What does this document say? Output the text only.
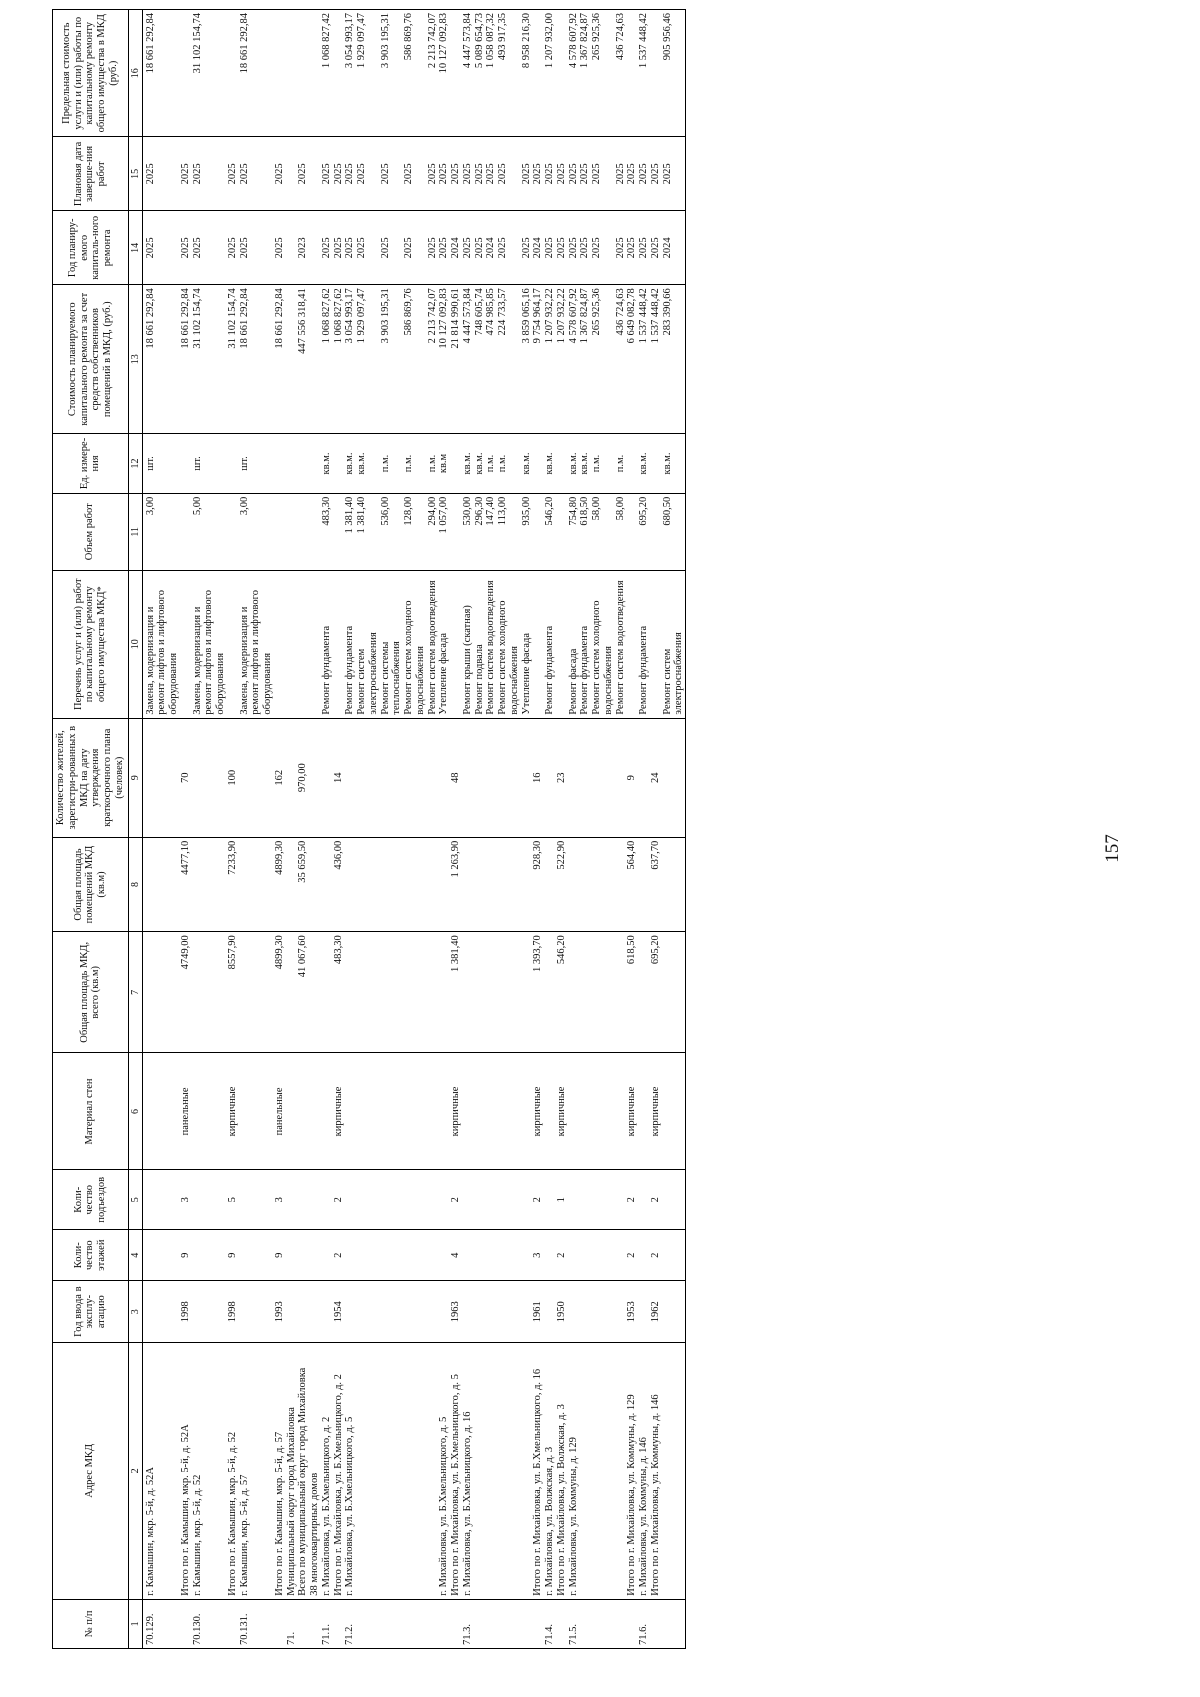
157
№ п/п	Адрес МКД	Год ввода в эксплу-атацию	Коли-чество этажей	Коли-чество подъездов	Материал стен	Общая площадь МКД, всего (кв.м)	Общая площадь помещений МКД (кв.м)	Количество жителей, зарегистри-рованных в МКД на дату утверждения краткосрочного плана (человек)	Перечень услуг и (или) работ по капитальному ремонту общего имущества МКД*	Объем работ	Ед. измере-ния	Стоимость планируемого капитального ремонта за счет средств собственников помещений в МКД, (руб.)	Год планиру-емого капиталь-ного ремонта	Плановая дата заверше-ния работ	Предельная стоимость услуги и (или) работы по капитальному ремонту общего имущества в МКД (руб.)
1	2	3	4	5	6	7	8	9	10	11	12	13	14	15	16
70.129.	г. Камышин, мкр. 5-й, д. 52А								Замена, модернизация и ремонт лифтов и лифтового оборудования	3,00	шт.	18 661 292,84	2025	2025	18 661 292,84
	Итого по г. Камышин, мкр. 5-й, д. 52А	1998	9	3	панельные	4749,00	4477,10	70				18 661 292,84	2025	2025	
70.130.	г. Камышин, мкр. 5-й, д. 52								Замена, модернизация и ремонт лифтов и лифтового оборудования	5,00	шт.	31 102 154,74	2025	2025	31 102 154,74
	Итого по г. Камышин, мкр. 5-й, д. 52	1998	9	5	кирпичные	8557,90	7233,90	100				31 102 154,74	2025	2025	
70.131.	г. Камышин, мкр. 5-й, д. 57								Замена, модернизация и ремонт лифтов и лифтового оборудования	3,00	шт.	18 661 292,84	2025	2025	18 661 292,84
	Итого по г. Камышин, мкр. 5-й, д. 57	1993	9	3	панельные	4899,30	4899,30	162				18 661 292,84	2025	2025	
71.	Муниципальный округ город Михайловка														
	Всего по муниципальный округ город Михайловка
38 многоквартирных домов					41 067,60	35 659,50	970,00				447 556 318,41	2023	2025	
71.1.	г. Михайловка, ул. Б.Хмельницкого, д. 2								Ремонт фундамента	483,30	кв.м.	1 068 827,62	2025	2025	1 068 827,42
	Итого по г. Михайловка, ул. Б.Хмельницкого, д. 2	1954	2	2	кирпичные	483,30	436,00	14				1 068 827,62	2025	2025	
71.2.	г. Михайловка, ул. Б.Хмельницкого, д. 5								Ремонт фундамента	1 381,40	кв.м.	3 054 993,17	2025	2025	3 054 993,17
									Ремонт систем электроснабжения	1 381,40	кв.м.	1 929 097,47	2025	2025	1 929 097,47
									Ремонт системы теплоснабжения	536,00	п.м.	3 903 195,31	2025	2025	3 903 195,31
									Ремонт систем холодного водоснабжения	128,00	п.м.	586 869,76	2025	2025	586 869,76
									Ремонт систем водоотведения	294,00	п.м.	2 213 742,07	2025	2025	2 213 742,07
	г. Михайловка, ул. Б.Хмельницкого, д. 5								Утепление фасада	1 057,00	кв.м	10 127 092,83	2025	2025	10 127 092,83
	Итого по г. Михайловка, ул. Б.Хмельницкого, д. 5	1963	4	2	кирпичные	1 381,40	1 263,90	48				21 814 990,61	2024	2025	
71.3.	г. Михайловка, ул. Б.Хмельницкого, д. 16								Ремонт крыши (скатная)	530,00	кв.м.	4 447 573,84	2025	2025	4 447 573,84
									Ремонт подвала	296,30	кв.м.	748 605,74	2025	2025	5 089 654,73
									Ремонт систем водоотведения	147,40	п.м.	474 985,85	2024	2025	1 058 087,32
									Ремонт систем холодного водоснабжения	113,00	п.м.	224 733,57	2025	2025	493 917,35
									Утепление фасада	935,00	кв.м.	3 859 065,16	2025	2025	8 958 216,30
	Итого по г. Михайловка, ул. Б.Хмельницкого, д. 16	1961	3	2	кирпичные	1 393,70	928,30	16				9 754 964,17	2024	2025	
71.4.	г. Михайловка, ул. Волжская, д. 3								Ремонт фундамента	546,20	кв.м.	1 207 932,22	2025	2025	1 207 932,00
	Итого по г. Михайловка, ул. Волжская, д. 3	1950	2	1	кирпичные	546,20	522,90	23				1 207 932,22	2025	2025	
71.5.	г. Михайловка, ул. Коммуны, д. 129								Ремонт фасада	754,80	кв.м.	4 578 607,92	2025	2025	4 578 607,92
									Ремонт фундамента	618,50	кв.м.	1 367 824,87	2025	2025	1 367 824,87
									Ремонт систем холодного водоснабжения	58,00	п.м.	265 925,36	2025	2025	265 925,36
									Ремонт систем водоотведения	58,00	п.м.	436 724,63	2025	2025	436 724,63
	Итого по г. Михайловка, ул. Коммуны, д. 129	1953	2	2	кирпичные	618,50	564,40	9				6 649 082,78	2025	2025	
71.6.	г. Михайловка, ул. Коммуны, д. 146								Ремонт фундамента	695,20	кв.м.	1 537 448,42	2025	2025	1 537 448,42
	Итого по г. Михайловка, ул. Коммуны, д. 146	1962	2	2	кирпичные	695,20	637,70	24				1 537 448,42	2025	2025	
									Ремонт систем электроснабжения	680,50	кв.м.	283 390,66	2024	2025	905 956,46
